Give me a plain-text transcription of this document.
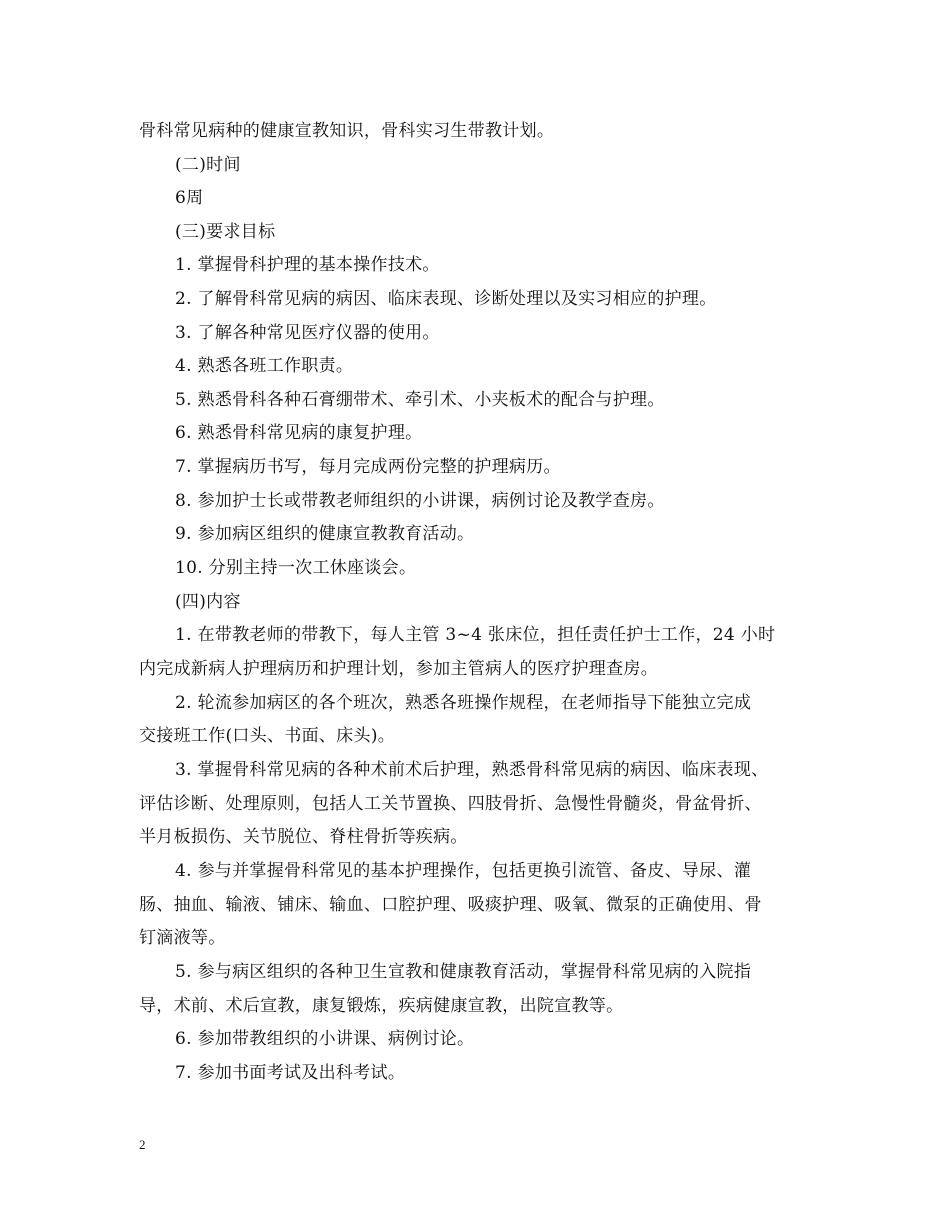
骨科常见病种的健康宣教知识，骨科实习生带教计划。
(二)时间
6周
(三)要求目标
1. 掌握骨科护理的基本操作技术。
2. 了解骨科常见病的病因、临床表现、诊断处理以及实习相应的护理。
3. 了解各种常见医疗仪器的使用。
4. 熟悉各班工作职责。
5. 熟悉骨科各种石膏绷带术、牵引术、小夹板术的配合与护理。
6. 熟悉骨科常见病的康复护理。
7. 掌握病历书写，每月完成两份完整的护理病历。
8. 参加护士长或带教老师组织的小讲课，病例讨论及教学查房。
9. 参加病区组织的健康宣教教育活动。
10. 分别主持一次工休座谈会。
(四)内容
1. 在带教老师的带教下，每人主管 3~4 张床位，担任责任护士工作，24 小时
内完成新病人护理病历和护理计划，参加主管病人的医疗护理查房。
2. 轮流参加病区的各个班次，熟悉各班操作规程，在老师指导下能独立完成
交接班工作(口头、书面、床头)。
3. 掌握骨科常见病的各种术前术后护理，熟悉骨科常见病的病因、临床表现、
评估诊断、处理原则，包括人工关节置换、四肢骨折、急慢性骨髓炎，骨盆骨折、
半月板损伤、关节脱位、脊柱骨折等疾病。
4. 参与并掌握骨科常见的基本护理操作，包括更换引流管、备皮、导尿、灌
肠、抽血、输液、铺床、输血、口腔护理、吸痰护理、吸氧、微泵的正确使用、骨
钉滴液等。
5. 参与病区组织的各种卫生宣教和健康教育活动，掌握骨科常见病的入院指
导，术前、术后宣教，康复锻炼，疾病健康宣教，出院宣教等。
6. 参加带教组织的小讲课、病例讨论。
7. 参加书面考试及出科考试。
2
